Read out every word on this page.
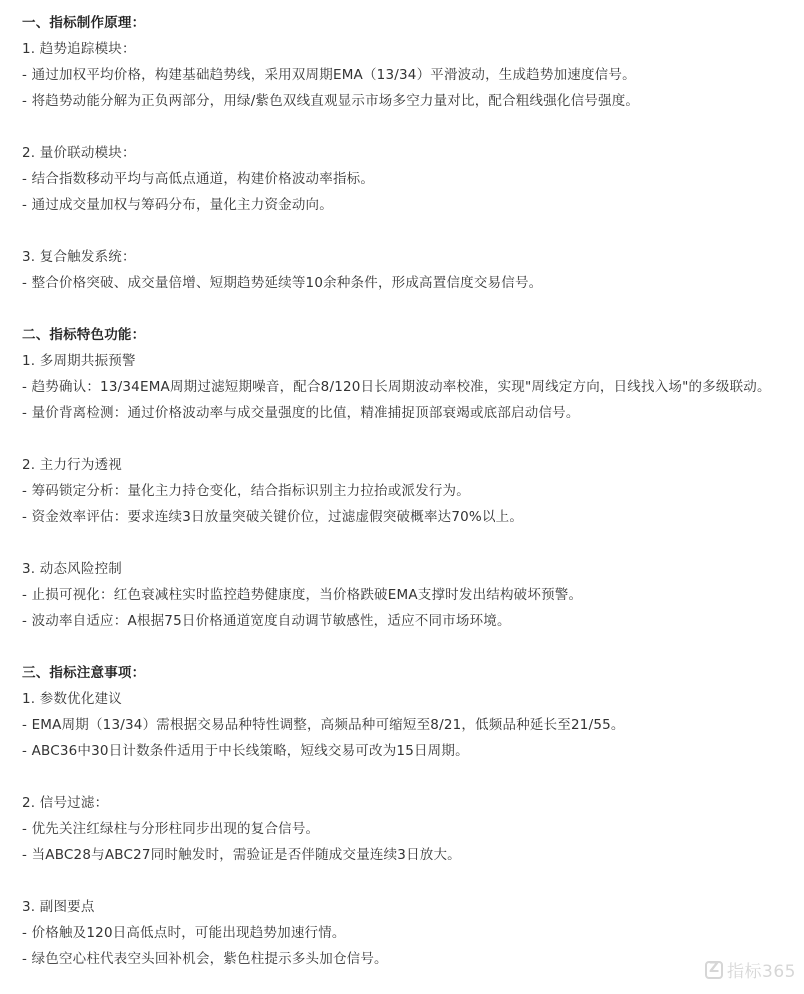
一、指标制作原理：
1. 趋势追踪模块：
- 通过加权平均价格，构建基础趋势线，采用双周期EMA（13/34）平滑波动，生成趋势加速度信号。
- 将趋势动能分解为正负两部分，用绿/紫色双线直观显示市场多空力量对比，配合粗线强化信号强度。
2. 量价联动模块：
- 结合指数移动平均与高低点通道，构建价格波动率指标。
- 通过成交量加权与筹码分布，量化主力资金动向。
3. 复合触发系统：
- 整合价格突破、成交量倍增、短期趋势延续等10余种条件，形成高置信度交易信号。
二、指标特色功能：
1. 多周期共振预警
- 趋势确认：13/34EMA周期过滤短期噪音，配合8/120日长周期波动率校准，实现"周线定方向，日线找入场"的多级联动。
- 量价背离检测：通过价格波动率与成交量强度的比值，精准捕捉顶部衰竭或底部启动信号。
2. 主力行为透视
- 筹码锁定分析：量化主力持仓变化，结合指标识别主力拉抬或派发行为。
- 资金效率评估：要求连续3日放量突破关键价位，过滤虚假突破概率达70%以上。
3. 动态风险控制
- 止损可视化：红色衰减柱实时监控趋势健康度，当价格跌破EMA支撑时发出结构破坏预警。
- 波动率自适应：A根据75日价格通道宽度自动调节敏感性，适应不同市场环境。
三、指标注意事项：
1. 参数优化建议
- EMA周期（13/34）需根据交易品种特性调整，高频品种可缩短至8/21，低频品种延长至21/55。
- ABC36中30日计数条件适用于中长线策略，短线交易可改为15日周期。
2. 信号过滤：
- 优先关注红绿柱与分形柱同步出现的复合信号。
- 当ABC28与ABC27同时触发时，需验证是否伴随成交量连续3日放大。
3. 副图要点
- 价格触及120日高低点时，可能出现趋势加速行情。
- 绿色空心柱代表空头回补机会，紫色柱提示多头加仓信号。
Z
指标365
